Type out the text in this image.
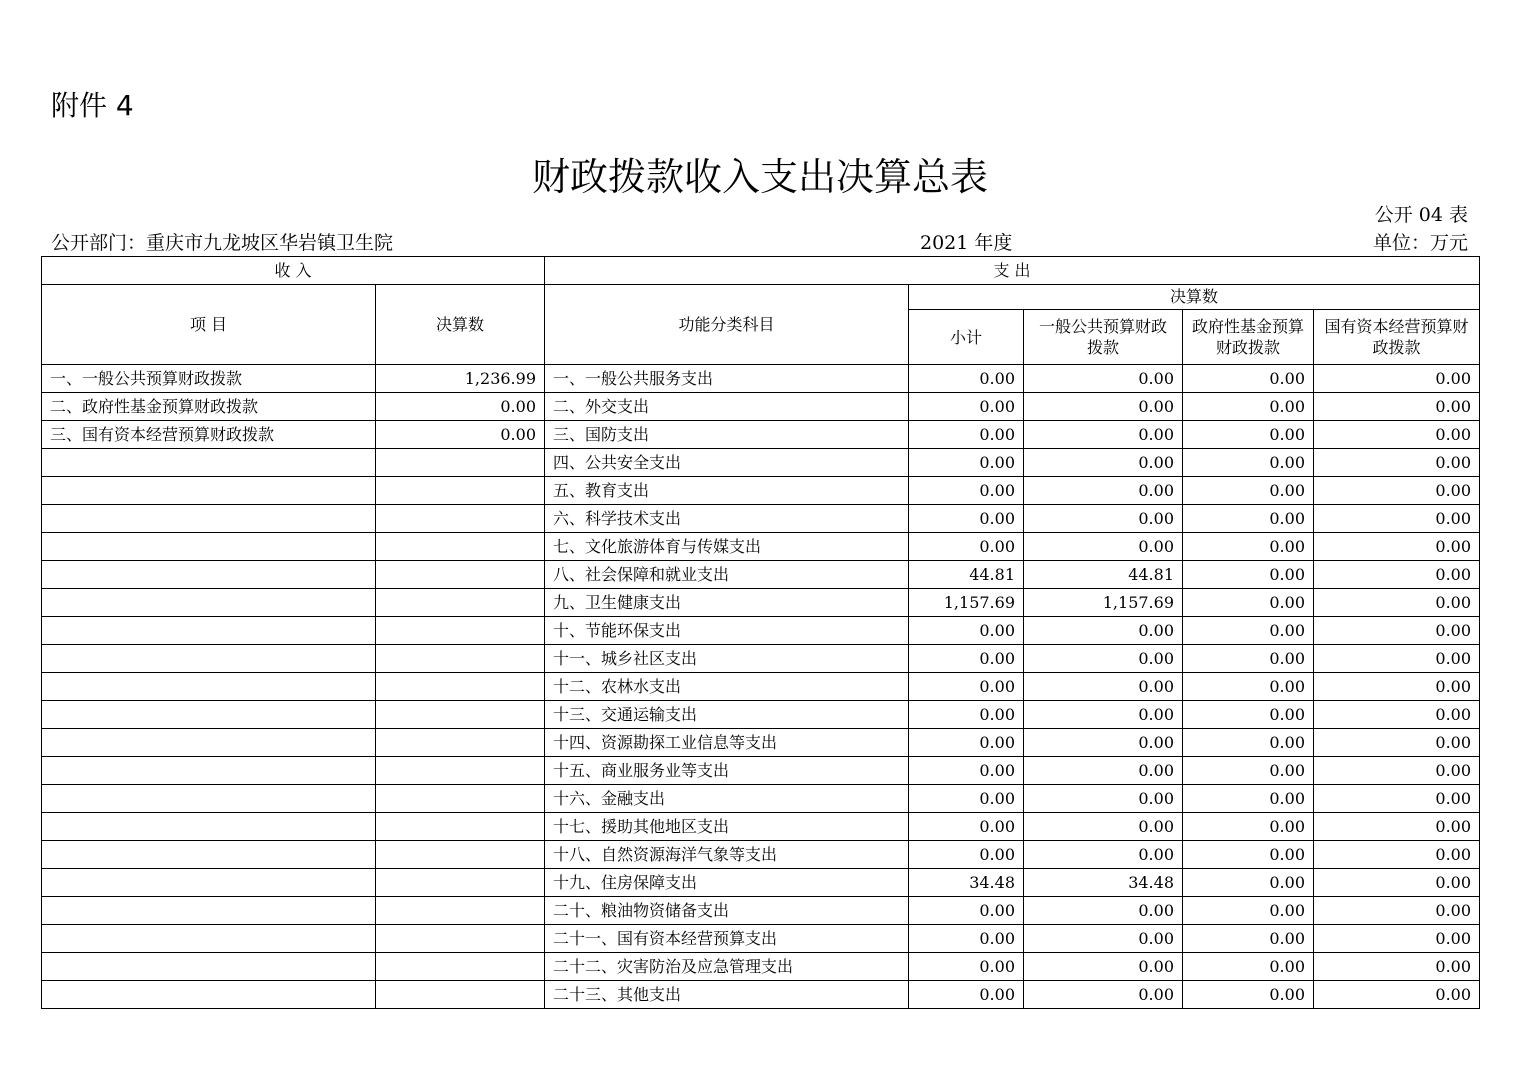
附件 4
财政拨款收入支出决算总表
公开 04 表
公开部门：重庆市九龙坡区华岩镇卫生院	2021 年度	单位：万元
收 入		支 出				
项 目	决算数	功能分类科目	决算数			
			小计	一般公共预算财政拨款	政府性基金预算财政拨款	国有资本经营预算财政拨款
一、一般公共预算财政拨款	1,236.99	一、一般公共服务支出	0.00	0.00	0.00	0.00
二、政府性基金预算财政拨款	0.00	二、外交支出	0.00	0.00	0.00	0.00
三、国有资本经营预算财政拨款	0.00	三、国防支出	0.00	0.00	0.00	0.00
		四、公共安全支出	0.00	0.00	0.00	0.00
		五、教育支出	0.00	0.00	0.00	0.00
		六、科学技术支出	0.00	0.00	0.00	0.00
		七、文化旅游体育与传媒支出	0.00	0.00	0.00	0.00
		八、社会保障和就业支出	44.81	44.81	0.00	0.00
		九、卫生健康支出	1,157.69	1,157.69	0.00	0.00
		十、节能环保支出	0.00	0.00	0.00	0.00
		十一、城乡社区支出	0.00	0.00	0.00	0.00
		十二、农林水支出	0.00	0.00	0.00	0.00
		十三、交通运输支出	0.00	0.00	0.00	0.00
		十四、资源勘探工业信息等支出	0.00	0.00	0.00	0.00
		十五、商业服务业等支出	0.00	0.00	0.00	0.00
		十六、金融支出	0.00	0.00	0.00	0.00
		十七、援助其他地区支出	0.00	0.00	0.00	0.00
		十八、自然资源海洋气象等支出	0.00	0.00	0.00	0.00
		十九、住房保障支出	34.48	34.48	0.00	0.00
		二十、粮油物资储备支出	0.00	0.00	0.00	0.00
		二十一、国有资本经营预算支出	0.00	0.00	0.00	0.00
		二十二、灾害防治及应急管理支出	0.00	0.00	0.00	0.00
		二十三、其他支出	0.00	0.00	0.00	0.00
